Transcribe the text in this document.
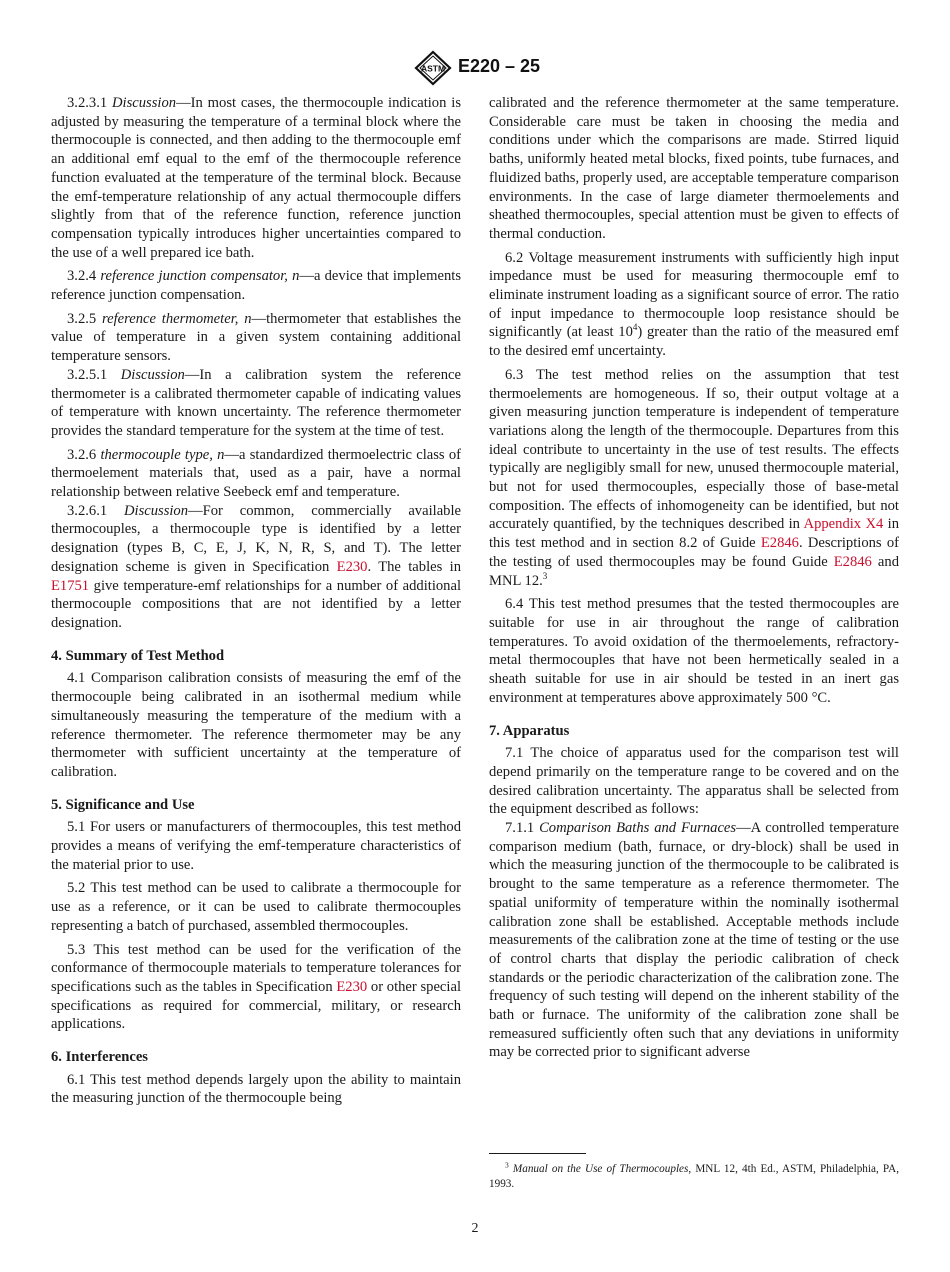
ASTM E220 – 25

3.2.3.1 Discussion—In most cases, the thermocouple indication is adjusted by measuring the temperature of a terminal block where the thermocouple is connected, and then adding to the thermocouple emf an additional emf equal to the emf of the thermocouple reference function evaluated at the temperature of the terminal block. Because the emf-temperature relationship of any actual thermocouple differs slightly from that of the reference function, reference junction compensation typically introduces higher uncertainties compared to the use of a well prepared ice bath.

3.2.4 reference junction compensator, n—a device that implements reference junction compensation.

3.2.5 reference thermometer, n—thermometer that establishes the value of temperature in a given system containing additional temperature sensors.

3.2.5.1 Discussion—In a calibration system the reference thermometer is a calibrated thermometer capable of indicating values of temperature with known uncertainty. The reference thermometer provides the standard temperature for the system at the time of test.

3.2.6 thermocouple type, n—a standardized thermoelectric class of thermoelement materials that, used as a pair, have a normal relationship between relative Seebeck emf and temperature.

3.2.6.1 Discussion—For common, commercially available thermocouples, a thermocouple type is identified by a letter designation (types B, C, E, J, K, N, R, S, and T). The letter designation scheme is given in Specification E230. The tables in E1751 give temperature-emf relationships for a number of additional thermocouple compositions that are not identified by a letter designation.

4. Summary of Test Method

4.1 Comparison calibration consists of measuring the emf of the thermocouple being calibrated in an isothermal medium while simultaneously measuring the temperature of the medium with a reference thermometer. The reference thermometer may be any thermometer with sufficient uncertainty at the temperature of calibration.

5. Significance and Use

5.1 For users or manufacturers of thermocouples, this test method provides a means of verifying the emf-temperature characteristics of the material prior to use.

5.2 This test method can be used to calibrate a thermocouple for use as a reference, or it can be used to calibrate thermocouples representing a batch of purchased, assembled thermocouples.

5.3 This test method can be used for the verification of the conformance of thermocouple materials to temperature tolerances for specifications such as the tables in Specification E230 or other special specifications as required for commercial, military, or research applications.

6. Interferences

6.1 This test method depends largely upon the ability to maintain the measuring junction of the thermocouple being

calibrated and the reference thermometer at the same temperature. Considerable care must be taken in choosing the media and conditions under which the comparisons are made. Stirred liquid baths, uniformly heated metal blocks, fixed points, tube furnaces, and fluidized baths, properly used, are acceptable temperature comparison environments. In the case of large diameter thermoelements and sheathed thermocouples, special attention must be given to effects of thermal conduction.

6.2 Voltage measurement instruments with sufficiently high input impedance must be used for measuring thermocouple emf to eliminate instrument loading as a significant source of error. The ratio of input impedance to thermocouple loop resistance should be significantly (at least $10^4$) greater than the ratio of the measured emf to the desired emf uncertainty.

6.3 The test method relies on the assumption that test thermoelements are homogeneous. If so, their output voltage at a given measuring junction temperature is independent of temperature variations along the length of the thermocouple. Departures from this ideal contribute to uncertainty in the use of test results. The effects typically are negligibly small for new, unused thermocouple material, but not for used thermocouples, especially those of base-metal composition. The effects of inhomogeneity can be identified, but not accurately quantified, by the techniques described in Appendix X4 in this test method and in section 8.2 of Guide E2846. Descriptions of the testing of used thermocouples may be found Guide E2846 and MNL 12.$^3$

6.4 This test method presumes that the tested thermocouples are suitable for use in air throughout the range of calibration temperatures. To avoid oxidation of the thermoelements, refractory-metal thermocouples that have not been hermetically sealed in a sheath suitable for use in air should be tested in an inert gas environment at temperatures above approximately 500 °C.

7. Apparatus

7.1 The choice of apparatus used for the comparison test will depend primarily on the temperature range to be covered and on the desired calibration uncertainty. The apparatus shall be selected from the equipment described as follows:

7.1.1 Comparison Baths and Furnaces—A controlled temperature comparison medium (bath, furnace, or dry-block) shall be used in which the measuring junction of the thermocouple to be calibrated is brought to the same temperature as a reference thermometer. The spatial uniformity of temperature within the nominally isothermal calibration zone shall be established. Acceptable methods include measurements of the calibration zone at the time of testing or the use of control charts that display the periodic calibration of check standards or the periodic characterization of the calibration zone. The frequency of such testing will depend on the inherent stability of the bath or furnace. The uniformity of the calibration zone shall be remeasured sufficiently often such that any deviations in uniformity may be corrected prior to significant adverse

$^3$ Manual on the Use of Thermocouples, MNL 12, 4th Ed., ASTM, Philadelphia, PA, 1993.
2
